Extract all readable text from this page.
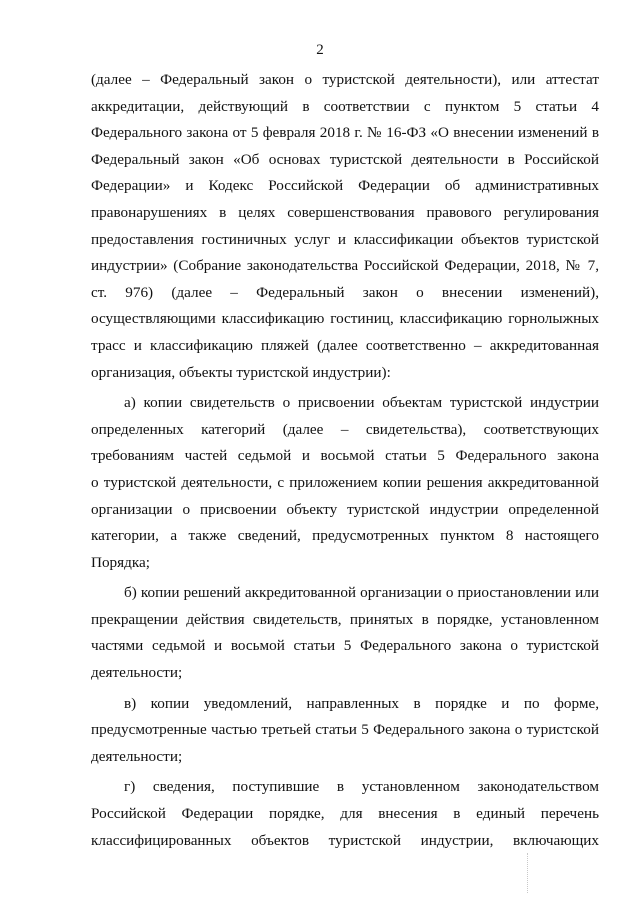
2
(далее – Федеральный закон о туристской деятельности), или аттестат
аккредитации, действующий в соответствии с пунктом 5 статьи 4
Федерального закона от 5 февраля 2018 г. № 16-ФЗ «О внесении изменений в
Федеральный закон «Об основах туристской деятельности в Российской
Федерации» и Кодекс Российской Федерации об административных
правонарушениях в целях совершенствования правового регулирования
предоставления гостиничных услуг и классификации объектов туристской
индустрии» (Собрание законодательства Российской Федерации, 2018, № 7,
ст. 976) (далее – Федеральный закон о внесении изменений),
осуществляющими классификацию гостиниц, классификацию горнолыжных
трасс и классификацию пляжей (далее соответственно – аккредитованная
организация, объекты туристской индустрии):
а) копии свидетельств о присвоении объектам туристской индустрии
определенных категорий (далее – свидетельства), соответствующих
требованиям частей седьмой и восьмой статьи 5 Федерального закона
о туристской деятельности, с приложением копии решения аккредитованной
организации о присвоении объекту туристской индустрии определенной
категории, а также сведений, предусмотренных пунктом 8 настоящего
Порядка;
б) копии решений аккредитованной организации о приостановлении или
прекращении действия свидетельств, принятых в порядке, установленном
частями седьмой и восьмой статьи 5 Федерального закона о туристской
деятельности;
в) копии уведомлений, направленных в порядке и по форме,
предусмотренные частью третьей статьи 5 Федерального закона о туристской
деятельности;
г) сведения, поступившие в установленном законодательством
Российской Федерации порядке, для внесения в единый перечень
классифицированных объектов туристской индустрии, включающих
